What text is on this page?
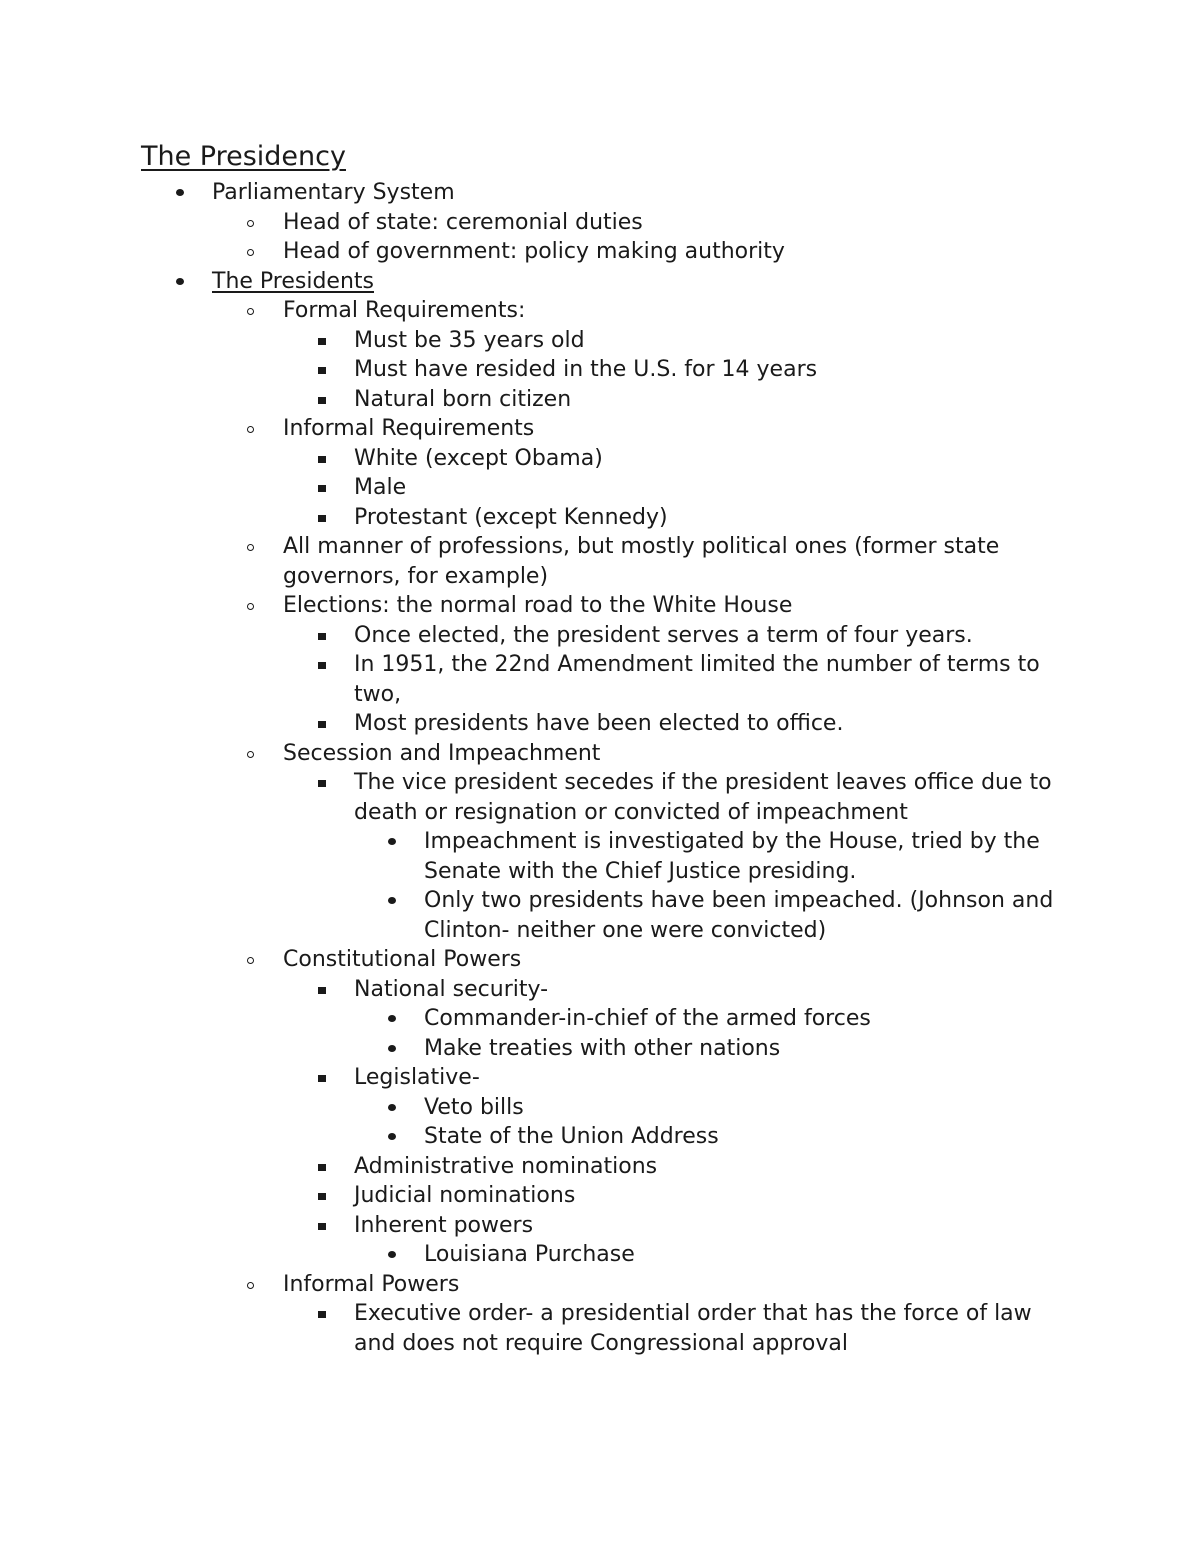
The Presidency
Parliamentary System
Head of state: ceremonial duties
Head of government: policy making authority
The Presidents
Formal Requirements:
Must be 35 years old
Must have resided in the U.S. for 14 years
Natural born citizen
Informal Requirements
White (except Obama)
Male
Protestant (except Kennedy)
All manner of professions, but mostly political ones (former state governors, for example)
Elections: the normal road to the White House
Once elected, the president serves a term of four years.
In 1951, the 22nd Amendment limited the number of terms to two,
Most presidents have been elected to office.
Secession and Impeachment
The vice president secedes if the president leaves office due to death or resignation or convicted of impeachment
Impeachment is investigated by the House, tried by the Senate with the Chief Justice presiding.
Only two presidents have been impeached. (Johnson and Clinton- neither one were convicted)
Constitutional Powers
National security-
Commander-in-chief of the armed forces
Make treaties with other nations
Legislative-
Veto bills
State of the Union Address
Administrative nominations
Judicial nominations
Inherent powers
Louisiana Purchase
Informal Powers
Executive order- a presidential order that has the force of law and does not require Congressional approval
